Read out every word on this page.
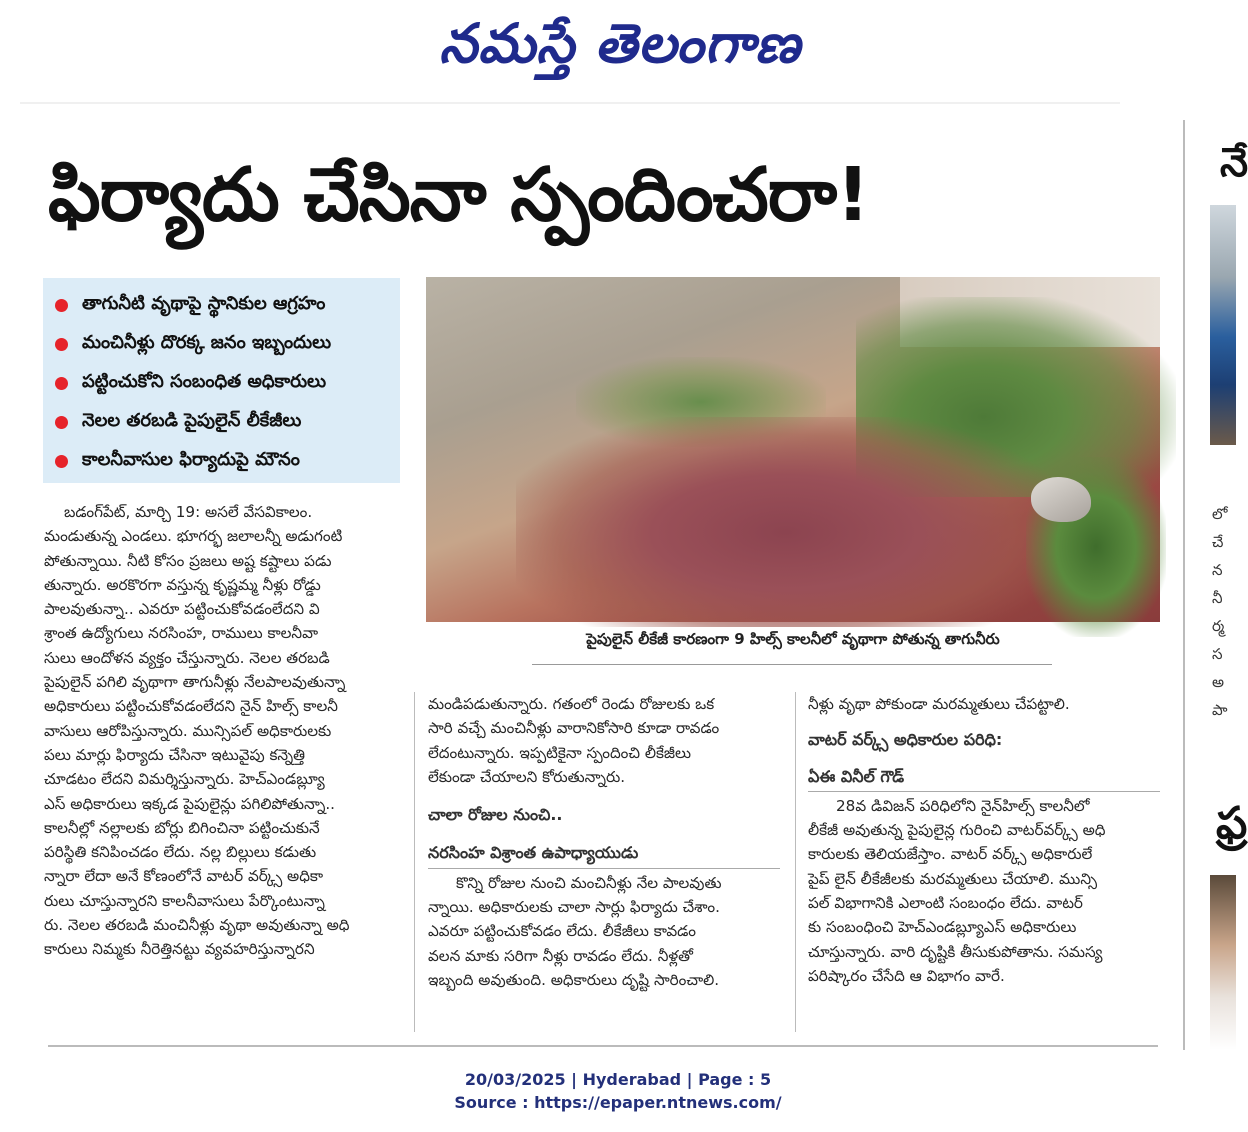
నమస్తే తెలంగాణ
ఫిర్యాదు చేసినా స్పందించరా!	నే
లో
చే
న
నీ
ర్మ
స
అ
పా
ఫ్ర
తాగునీటి వృథాపై స్థానికుల ఆగ్రహం
మంచినీళ్లు దొరక్క జనం ఇబ్బందులు
పట్టించుకోని సంబంధిత అధికారులు
నెలల తరబడి పైపులైన్ లీకేజీలు
కాలనీవాసుల ఫిర్యాదుపై మౌనం
పైపులైన్ లీకేజీ కారణంగా 9 హిల్స్ కాలనీలో వృథాగా పోతున్న తాగునీరు
బడంగ్‌పేట్, మార్చి 19: అసలే వేసవికాలం.
మండుతున్న ఎండలు. భూగర్భ జలాలన్నీ అడుగంటి
పోతున్నాయి. నీటి కోసం ప్రజలు అష్ట కష్టాలు పడు
తున్నారు. అరకొరగా వస్తున్న కృష్ణమ్మ నీళ్లు రోడ్డు
పాలవుతున్నా.. ఎవరూ పట్టించుకోవడంలేదని వి
శ్రాంత ఉద్యోగులు నరసింహ, రాములు కాలనీవా
సులు ఆందోళన వ్యక్తం చేస్తున్నారు. నెలల తరబడి
పైపులైన్ పగిలి వృథాగా తాగునీళ్లు నేలపాలవుతున్నా
అధికారులు పట్టించుకోవడంలేదని నైన్ హిల్స్ కాలనీ
వాసులు ఆరోపిస్తున్నారు. మున్సిపల్ అధికారులకు
పలు మార్లు ఫిర్యాదు చేసినా ఇటువైపు కన్నెత్తి
చూడటం లేదని విమర్శిస్తున్నారు. హెచ్‌ఎండబ్ల్యూ
ఎస్ అధికారులు ఇక్కడ పైపులైన్లు పగిలిపోతున్నా..
కాలనీల్లో నల్లాలకు బోర్లు బిగించినా పట్టించుకునే
పరిస్థితి కనిపించడం లేదు. నల్ల బిల్లులు కడుతు
న్నారా లేదా అనే కోణంలోనే వాటర్ వర్క్స్ అధికా
రులు చూస్తున్నారని కాలనీవాసులు పేర్కొంటున్నా
రు. నెలల తరబడి మంచినీళ్లు వృథా అవుతున్నా అధి
కారులు నిమ్మకు నీరెత్తినట్టు వ్యవహరిస్తున్నారని
మండిపడుతున్నారు. గతంలో రెండు రోజులకు ఒక
సారి వచ్చే మంచినీళ్లు వారానికోసారి కూడా రావడం
లేదంటున్నారు. ఇప్పటికైనా స్పందించి లీకేజీలు
లేకుండా చేయాలని కోరుతున్నారు.
చాలా రోజుల నుంచి..
నరసింహ విశ్రాంత ఉపాధ్యాయుడు
కొన్ని రోజుల నుంచి మంచినీళ్లు నేల పాలవుతు
న్నాయి. అధికారులకు చాలా సార్లు ఫిర్యాదు చేశాం.
ఎవరూ పట్టించుకోవడం లేదు. లీకేజీలు కావడం
వలన మాకు సరిగా నీళ్లు రావడం లేదు. నీళ్లతో
ఇబ్బంది అవుతుంది. అధికారులు దృష్టి సారించాలి.
నీళ్లు వృథా పోకుండా మరమ్మతులు చేపట్టాలి.
వాటర్ వర్క్స్ అధికారుల పరిధి:
ఏఈ వినీల్ గౌడ్
28వ డివిజన్ పరిధిలోని నైన్‌హిల్స్ కాలనీలో
లీకేజీ అవుతున్న పైపులైన్ల గురించి వాటర్‌వర్క్స్ అధి
కారులకు తెలియజేస్తాం. వాటర్ వర్క్స్ అధికారులే
పైప్ లైన్ లీకేజీలకు మరమ్మతులు చేయాలి. మున్సి
పల్ విభాగానికి ఎలాంటి సంబంధం లేదు. వాటర్
కు సంబంధించి హెచ్‌ఎండబ్ల్యూఎస్ అధికారులు
చూస్తున్నారు. వారి దృష్టికి తీసుకుపోతాను. సమస్య
పరిష్కారం చేసేది ఆ విభాగం వారే.
20/03/2025 | Hyderabad | Page : 5
Source : https://epaper.ntnews.com/
